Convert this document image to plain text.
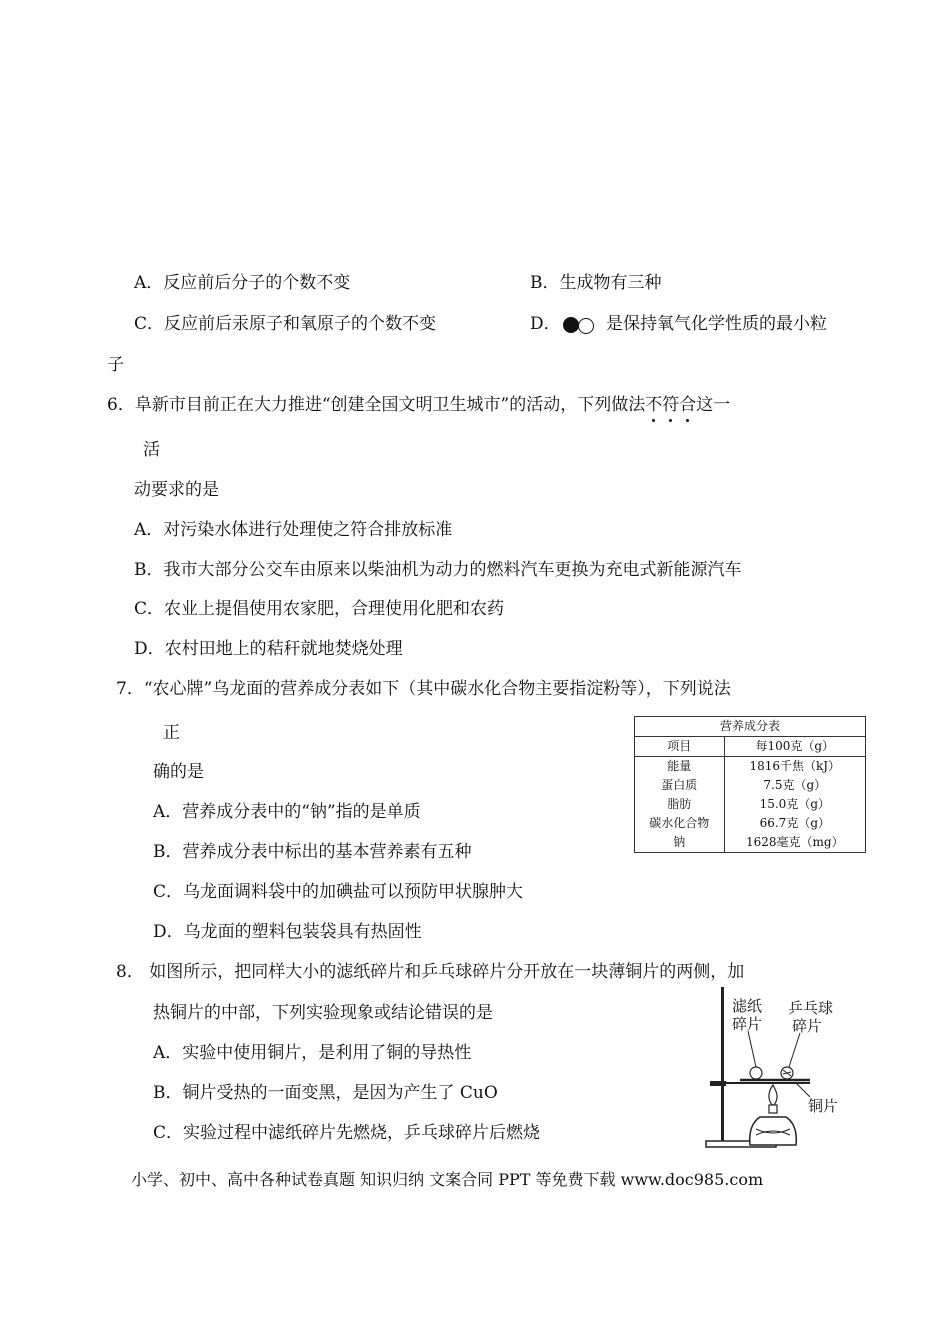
A．反应前后分子的个数不变	B．生成物有三种
C．反应前后汞原子和氧原子的个数不变	D．
是保持氧气化学性质的最小粒
子
6．阜新市目前正在大力推进“创建全国文明卫生城市”的活动，下列做法不符合这一
活
动要求的是
A．对污染水体进行处理使之符合排放标准
B．我市大部分公交车由原来以柴油机为动力的燃料汽车更换为充电式新能源汽车
C．农业上提倡使用农家肥，合理使用化肥和农药
D．农村田地上的秸秆就地焚烧处理
7．“农心牌”乌龙面的营养成分表如下（其中碳水化合物主要指淀粉等），下列说法
正
确的是
A．营养成分表中的“钠”指的是单质
B．营养成分表中标出的基本营养素有五种
C．乌龙面调料袋中的加碘盐可以预防甲状腺肿大
D．乌龙面的塑料包装袋具有热固性
营养成分表	
项目	每100克（g）
能量	1816千焦（kJ）
蛋白质	7.5克（g）
脂肪	15.0克（g）
碳水化合物	66.7克（g）
钠	1628毫克（mg）
8． 如图所示，把同样大小的滤纸碎片和乒乓球碎片分开放在一块薄铜片的两侧，加
热铜片的中部，下列实验现象或结论错误的是
A．实验中使用铜片，是利用了铜的导热性
B．铜片受热的一面变黑，是因为产生了 CuO
C．实验过程中滤纸碎片先燃烧，乒乓球碎片后燃烧
滤纸
碎片
乒乓球
碎片
铜片
小学、初中、高中各种试卷真题 知识归纳 文案合同 PPT 等免费下载 www.doc985.com
